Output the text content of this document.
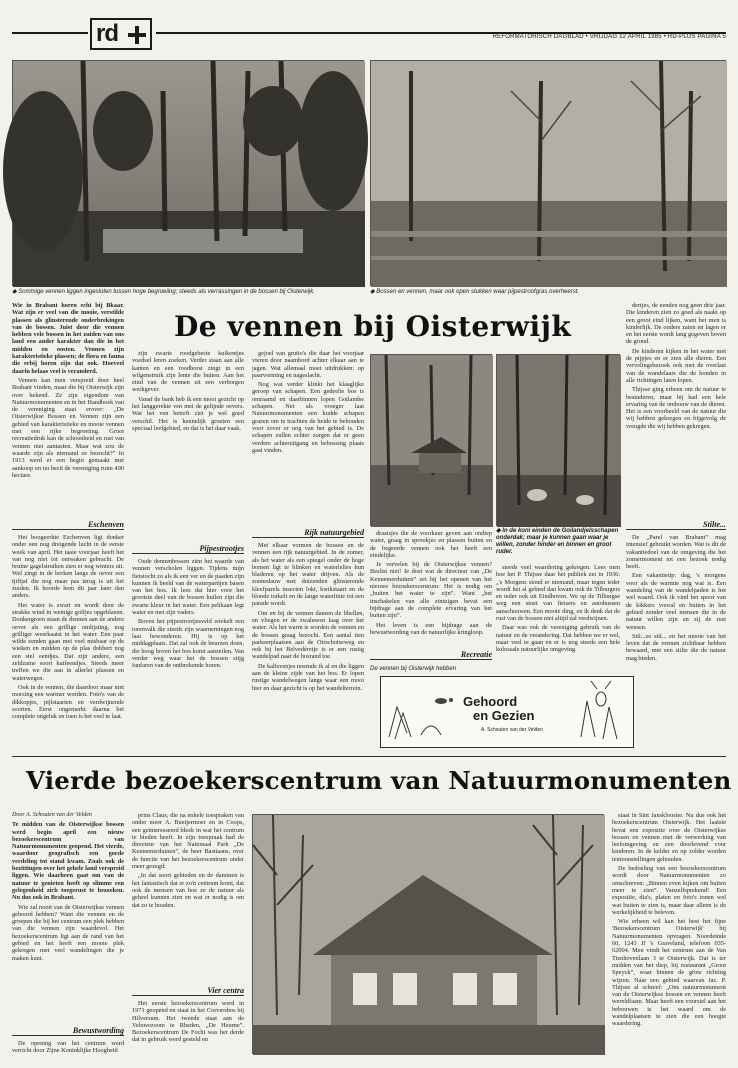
rd	REFORMATORISCH DAGBLAD • VRIJDAG 12 APRIL 1985 • RD-PLUS PAGINA 5
◆ Sommige vennen liggen ingesloten tussen hoge begroeiing; steeds als verrassingen in de bossen bij Oisterwijk.	◆ Bossen en vennen, maar ook open stukken waar pijpestroofgras overheerst.
De vennen bij Oisterwijk

Wie in Brabant horen echt bij Bkaar. Wat zijn er veel van die mooie, verstilde plassen als glinsterende onderbrekingen van de bossen. Juist door die vennen hebben vele bossen in het zuiden van ons land een ander karakter dan die in het midden en oosten. Vennen zijn karakteristieke plassen; de flora en fauna die erbij horen zijn dat ook. Hoeveel daarin helaas veel is veranderd.

Vennen kan men verspreid door heel Brabant vinden, maar die bij Oisterwijk zijn over bekend. Ze zijn eigendom van Natuurmonumenten en in het Handboek van de vereniging staat erover: „De Oisterwijkse Bossen en Vennen zijn een gebied van karakteristieke en mooie vennen met een rijke begroeiing. Groot recreatiedruk kan de schoonheid en rust van vennen niet aantasten. Maar wat zou de waarde zijn als niemand ze bezocht?” In 1913 werd er een begin gemaakt met aankoop en nu bezit de vereniging ruim 490 hectare.

Eschenven

Het boogeerkte Eschenven ligt donker onder een nog dreigende lucht in de eerste week van april. Het taaie voorjaar heeft het van nog niet tot ontwaken gebracht. De bruine gagelstruiken zien er nog winters uit. Wel zingt in de berken langs de oever een tjiftjaf die nog maar pas terug is uit het zuiden. Ik hoorde hem dit jaar later dan anders.

Het water is zwart en wordt door de strakke wind in weinige golfjes opgeblazen. Donkergroen staan de dennen aan de andere oever als een grillige omlijsting, nog grilliger weerkaatst in het water. Een paar wilde eenden gaan met veel misbaar op de wieken en midden op de plas dobbert nog een stel eendjes. Dat zijn andere, een zeldzame soort kuifeendjes. Steeds meer treffen we die aan in allerlei plassen en waterwegen.

Ook in de vennen, die daardoor maar niet morsing een warmer worden. Foto's van de dikkopjes, pijlstaarten en verdwijnende soorten. Eerst ongemerkt daarna het complete ongeluk en toen is het veel te laat.

zijn zwarte roodgebeste kuikentjes voedsel leren zoeken. Verder staan aan alle kanten en een roodborst zingt in een wilgenstruik zijn lente die buiten. Aan het eind van de vennen zit een verborgen werkgever.

Vanaf de bank heb ik een mooi gezicht op het langgerekte ven met de gelijnde oevers. Wat het ven betreft ziet je wel goed verschil. Het is kennelijk groeien een speciaal leefgebied, en dat is het daar vaak.

Pijpestrootjes

Oude dennenbossen zien het waarde van vennen verscholen liggen. Tijdens mijn fietstocht zo als ik een ver en de paaden zijn kunnen ik beeld van de waterpartijen basen van het bos. Ik lees dat hier voor het grootste deel van de bossen kuilen zijn die zwarte kleur in het water. Een pelikaan legt water en met zijn vaders.

Boven het pijpestrootjesveld wiekelt een torenvalk die steeds zijn waarnemingen nog laat bewonderen. Hij is op het middagplaats. Dat zal ook de beurzen doen, die boog boven het bos komt aanzeilen. Van verder weg waar het de bossen stijg fanfaren van de ontbrekende horen.

gejoel van grutto's die daar het voorjaar vieren door naambord achter elkaar aan te jagen. Wat allemaal moet uitdrukken: op paarvorming en nageslacht.

Nog wat verder klinkt het klaaglijke geroep van schapen. Een gedeelte bos is omraamd en daarbinnen lopen Gotlandse schapen. Net als vroeger laat Natuurmonumenten een kudde schapen grazen om te trachten de heide te behouden voor zover er nog van het gebied is. De schapen zullen echter zorgen dat er geen verdere achteruitgang en bebossing plaats gaat vinden.

Rijk natuurgebied

Met elkaar vormen de bossen en de vennen een rijk natuurgebied. In de zomer, als het water als een spiegel onder de hoge bomen ligt te blinken en waterlelies hun bladeren op het water drijven. Als de zonnedauw met duizenden glinsterende kleefparels insecten lokt, kwikstaart en de blonde torkelt en de lange waterlinie tot een parade wordt.

Om en bij de vennen dansen de libellen, en vliegen er de zwaluwen laag over het water. Als het warm is worden de vennen en de bossen graag bezocht. Een aantal tien parkeerplaatsen aan de Oirschotseweg en ook bij het Belvedèretje is er een rustig wandelpad naar de bosrand toe.

De kalfsvenjes noemde ik al en die liggen aan de kleine zijde van het bos. Er lopen rustige wandelwegen langs waar een mooi hier en daar gezicht is op het wandelterrein.

◆ In de koni einden de Goilandjelsschapen onderdak; maar je kunnen gaan waar je willen, zonder hinder en binnen en groot ruder.

draaisjes die de voorkeur geven aan ondiep water, graag in sprookjes en plassen buiten en de begeerde vennen ook het heeft een eindelijke.

Je vervelen bij de Oisterwijkse vennen? Beslist niet! Je doet wat de directeur van „De Kennemerduinen” zei bij het openen van het nieuwe bezoekerscentrum: Het is nodig om „buiten het water te zijn”. Want „het inschakelen van alle zintuigen bevat een bijdrage aan de complete ervaring van het buiten zijn”.

Het leven is een bijdrage aan de bewustwording van de natuurlijke kringloop.

Recreatie
De vennen bij Oisterwijk hebben

steeds veel waardering gekregen. Lees men hoe het P. Thijsse daar het publiek zei in 1936: „'s Morgens stond er niemand, maar tegen ieder wordt het al gebied dan kwam ook de Tilburgers en ieder ook uit Eindhoven. We op de Tilburgse weg een stoet van fietsers en autobussen aanschouwen. Een mooie ding, en ik denk dat de rust van de bossen niet altijd zal verdwijnen.

Daar was ook de vereniging gebruik van de natuur en de verandering. Dat hebben we er wel, maar veel te gaan en er is nog steeds een hele kolossale natuurlijke omgeving.

dertjes, de eenden nog geen drie jaar. Die kinderen zien zo goed als naakt op een groot eind lijken, want het men is kinderlijk. De ouders zaten en lagen er en het eerste wordt lang gegeven boven de grond.

De kinderen kijken in het water met de pijpjes en er zien alle dieren. Een vervelingsbezoek ook met de overlast van de wandelaars die de honden in alle richtingen laten lopen.

Thijsse ging erheen om de natuur te bestuderen, maar hij had een hele ervaring van de ombouw van de dieren. Het is een voorbeeld van de natuur die wij hebben gekregen en bijgevolg de vreugde die wij hebben gekregen.

Stilte...

De „Parel van Brabant” mag intensief gebruikt worden. Wat is dit de vakantiedoel van de omgeving die het zomermoment tot een bezoek nodig heeft.

Een vakantietip: dag, 's morgens voor als de warmte nog wat is. Een wandeling van de wandelpaden is het wel waard. Ook ik vind het spoor van de kikkers vooral en buiten in het gebied zonder veel mensen die in de natuur willen zijn en zij de rust wensen.

Stil...zo stil... en het mooie van het leven dat de vennen zichtbaar hebben bewaard, met een stilte die de natuur mag bieden.

Gehoord
en Gezien
A. Schouten van der Velden
Vierde bezoekerscentrum van Natuurmonumenten

Door A. Schouten van der Velden

Te midden van de Oisterwijkse bossen werd begin april een nieuw bezoekerscentrum van Natuurmonumenten geopend. Het vierde, waardoor geografisch een goede verdeling tot stand kwam. Zoals ook de bezittingen over het gehele land verspreid liggen. Wie daarheen gaat om van de natuur te genieten heeft op slimme een gelegenheid zich toegerust te bezoeken. Nu dus ook in Brabant.

Wie zal nooit van de Oisterwijkse vennen gehoord hebben? Want die vennen en de groepen die bij het centrum een plek hebben van die vennen zijn waardevol. Het bezoekerscentrum ligt aan de rand van het gebied en het heeft een mooie plek gekregen met veel wandelingen die je maken kunt.

Bewustwording

De opening van het centrum werd verricht door Zijne Koninklijke Hoogheid

prins Claus, die na enkele toespraken van onder meer A. Bueijermoer en in Coops, een geïnteresseerd bleek in wat het centrum te bieden heeft. In zijn toespraak had de directeur van het Nationaal Park „De Kennemerduinen”, de heer Bastiaans, over de functie van het bezoekerscentrum onder meer gezegd:

„In dat soort gebieden en de dammen is het fantastisch dat er zo'n centrum komt, dat ook de mensen van hoe ze de natuur als geheel kunnen zien en wat er nodig is om dat zo te houden.

Vier centra

Het eerste bezoekerscentrum werd in 1971 geopend en staat in het Corversbos bij Hilversum. Het tweede staat aan de Veluwezoom te Rheden, „De Heurne”. Bezoekerscentrum De Fochi was het derde dat in gebruik werd gesteld en

staat in Sint Jansklooster. Nu dus ook het bezoekerscentrum Oisterwijk. Het laatste bevat een expositie over de Oisterwijkse bossen en vennen met de verwerking van leefomgeving en een doorlevend voor kinderen. In de kelder en op zolder worden tentoonstellingen gehouden.

De bedoeling van een bezoekerscentrum wordt door Natuurmonumenten zo omschreven: „Binnen even kijken om buiten meer te zien”. Vanzelfsprekend! Een expositie, dia's, platen en foto's tonen wel wat buiten te zien is, maar daar alleen is de werkelijkheid te beleven.

Wie erheen wil kan het best het fijne 'Bezoekerscentrum Oisterwijk' bij Natuurmonumenten opvragen. Noordeinde 60, 1243 JJ 's Graveland, telefoon 035-62004. Men vindt het centrum aan de Van Tienhovenlaan 3 te Oisterwijk. Dat is ter midden van het diep, bij restaurant „Groot Speyck”, waar binnen de grote richting wijzen. Naar een gebied waarvan Jac. P. Thijsse al schreef: „Ons natuurmonument van de Oisterwijkse bossen en vennen heeft wereldfaam. Maar heeft een voorstel aan het bebouwen is het waard om de wandelplaatsen te zien die een hoogte waardering.
